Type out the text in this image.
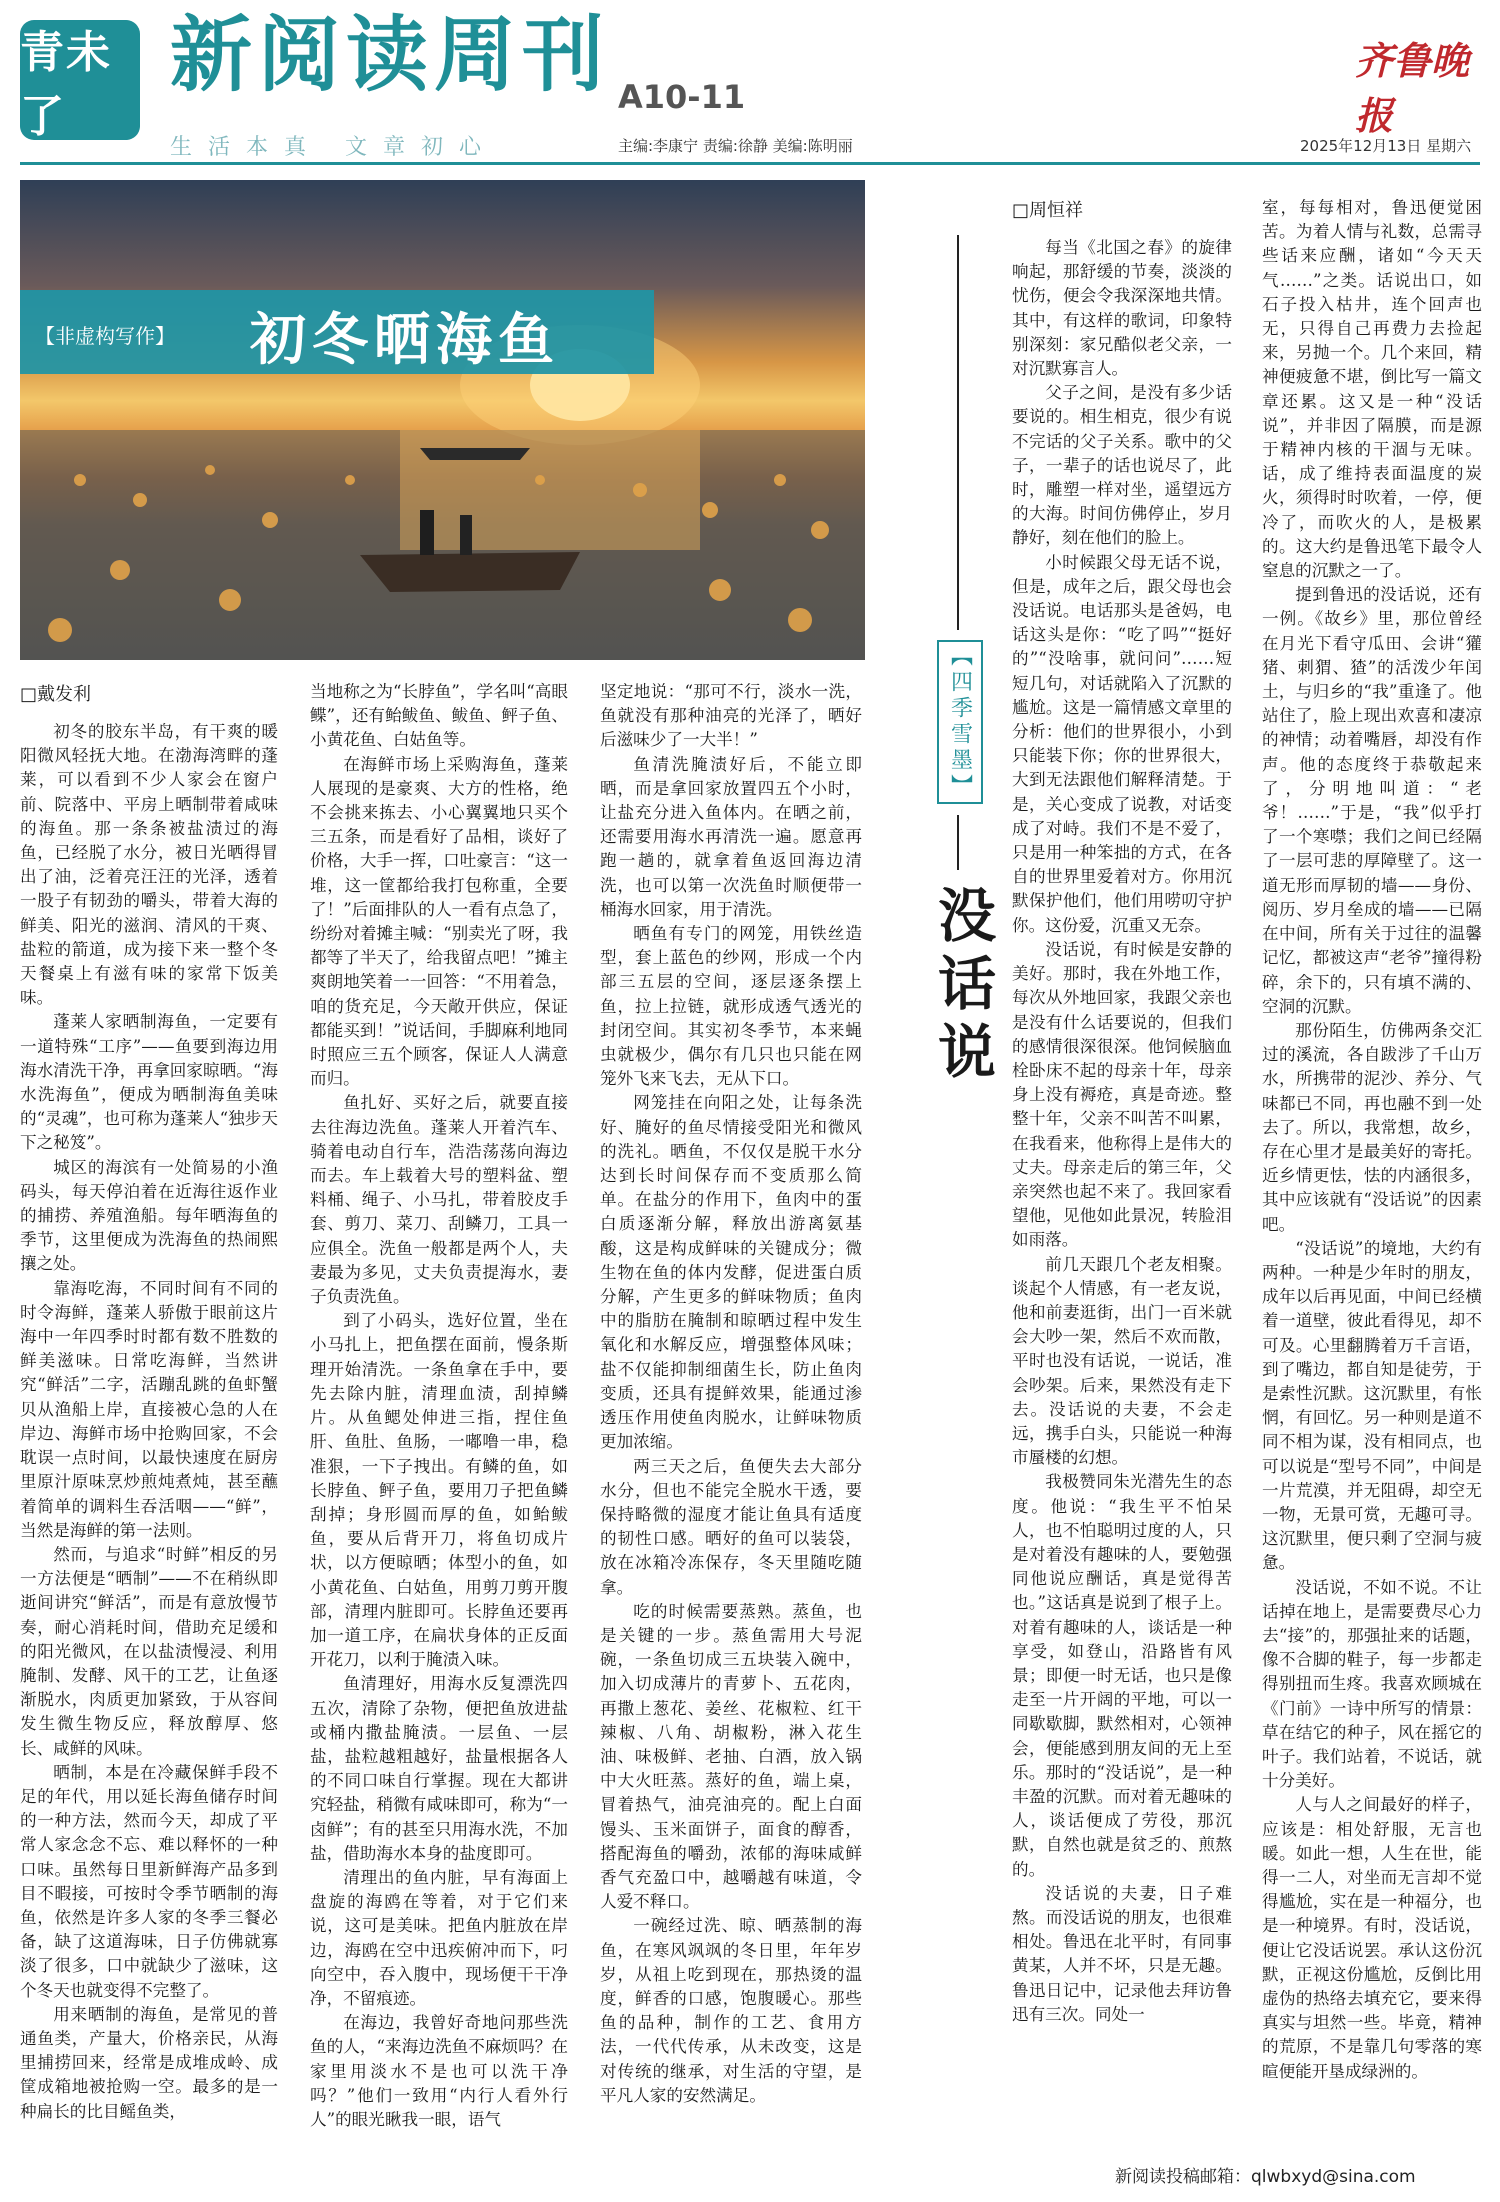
青未了
新阅读周刊 A10-11
生活本真 文章初心	主编:李康宁 责编:徐静 美编:陈明丽
齐鲁晚报
2025年12月13日 星期六
【非虚构写作】 初冬晒海鱼
□戴发利

初冬的胶东半岛，有干爽的暖阳微风轻抚大地。在渤海湾畔的蓬莱，可以看到不少人家会在窗户前、院落中、平房上晒制带着咸味的海鱼。那一条条被盐渍过的海鱼，已经脱了水分，被日光晒得冒出了油，泛着亮汪汪的光泽，透着一股子有韧劲的嚼头，带着大海的鲜美、阳光的滋润、清风的干爽、盐粒的箭道，成为接下来一整个冬天餐桌上有滋有味的家常下饭美味。

蓬莱人家晒制海鱼，一定要有一道特殊“工序”——鱼要到海边用海水清洗干净，再拿回家晾晒。“海水洗海鱼”，便成为晒制海鱼美味的“灵魂”，也可称为蓬莱人“独步天下之秘笈”。

城区的海滨有一处简易的小渔码头，每天停泊着在近海往返作业的捕捞、养殖渔船。每年晒海鱼的季节，这里便成为洗海鱼的热闹熙攘之处。

靠海吃海，不同时间有不同的时令海鲜，蓬莱人骄傲于眼前这片海中一年四季时时都有数不胜数的鲜美滋味。日常吃海鲜，当然讲究“鲜活”二字，活蹦乱跳的鱼虾蟹贝从渔船上岸，直接被心急的人在岸边、海鲜市场中抢购回家，不会耽误一点时间，以最快速度在厨房里原汁原味烹炒煎炖煮炖，甚至蘸着简单的调料生吞活咽——“鲜”，当然是海鲜的第一法则。

然而，与追求“时鲜”相反的另一方法便是“晒制”——不在稍纵即逝间讲究“鲜活”，而是有意放慢节奏，耐心消耗时间，借助充足缓和的阳光微风，在以盐渍慢浸、利用腌制、发酵、风干的工艺，让鱼逐渐脱水，肉质更加紧致，于从容间发生微生物反应，释放醇厚、悠长、咸鲜的风味。

晒制，本是在冷藏保鲜手段不足的年代，用以延长海鱼储存时间的一种方法，然而今天，却成了平常人家念念不忘、难以释怀的一种口味。虽然每日里新鲜海产品多到目不暇接，可按时令季节晒制的海鱼，依然是许多人家的冬季三餐必备，缺了这道海味，日子仿佛就寡淡了很多，口中就缺少了滋味，这个冬天也就变得不完整了。

用来晒制的海鱼，是常见的普通鱼类，产量大，价格亲民，从海里捕捞回来，经常是成堆成岭、成筐成箱地被抢购一空。最多的是一种扁长的比目鳐鱼类，

当地称之为“长脖鱼”，学名叫“高眼鲽”，还有鲐鲅鱼、鲅鱼、鲆子鱼、小黄花鱼、白姑鱼等。

在海鲜市场上采购海鱼，蓬莱人展现的是豪爽、大方的性格，绝不会挑来拣去、小心翼翼地只买个三五条，而是看好了品相，谈好了价格，大手一挥，口吐豪言：“这一堆，这一筐都给我打包称重，全要了！”后面排队的人一看有点急了，纷纷对着摊主喊：“别卖光了呀，我都等了半天了，给我留点吧！”摊主爽朗地笑着一一回答：“不用着急，咱的货充足，今天敞开供应，保证都能买到！”说话间，手脚麻利地同时照应三五个顾客，保证人人满意而归。

鱼扎好、买好之后，就要直接去往海边洗鱼。蓬莱人开着汽车、骑着电动自行车，浩浩荡荡向海边而去。车上载着大号的塑料盆、塑料桶、绳子、小马扎，带着胶皮手套、剪刀、菜刀、刮鳞刀，工具一应俱全。洗鱼一般都是两个人，夫妻最为多见，丈夫负责提海水，妻子负责洗鱼。

到了小码头，选好位置，坐在小马扎上，把鱼摆在面前，慢条斯理开始清洗。一条鱼拿在手中，要先去除内脏，清理血渍，刮掉鳞片。从鱼鳃处伸进三指，捏住鱼肝、鱼肚、鱼肠，一嘟噜一串，稳准狠，一下子拽出。有鳞的鱼，如长脖鱼、鲆子鱼，要用刀子把鱼鳞刮掉；身形圆而厚的鱼，如鲐鲅鱼，要从后背开刀，将鱼切成片状，以方便晾晒；体型小的鱼，如小黄花鱼、白姑鱼，用剪刀剪开腹部，清理内脏即可。长脖鱼还要再加一道工序，在扁状身体的正反面开花刀，以利于腌渍入味。

鱼清理好，用海水反复漂洗四五次，清除了杂物，便把鱼放进盐或桶内撒盐腌渍。一层鱼、一层盐，盐粒越粗越好，盐量根据各人的不同口味自行掌握。现在大都讲究轻盐，稍微有咸味即可，称为“一卤鲜”；有的甚至只用海水洗，不加盐，借助海水本身的盐度即可。

清理出的鱼内脏，早有海面上盘旋的海鸥在等着，对于它们来说，这可是美味。把鱼内脏放在岸边，海鸥在空中迅疾俯冲而下，叼向空中，吞入腹中，现场便干干净净，不留痕迹。

在海边，我曾好奇地问那些洗鱼的人，“来海边洗鱼不麻烦吗？在家里用淡水不是也可以洗干净吗？”他们一致用“内行人看外行人”的眼光瞅我一眼，语气

坚定地说：“那可不行，淡水一洗，鱼就没有那种油亮的光泽了，晒好后滋味少了一大半！”

鱼清洗腌渍好后，不能立即晒，而是拿回家放置四五个小时，让盐充分进入鱼体内。在晒之前，还需要用海水再清洗一遍。愿意再跑一趟的，就拿着鱼返回海边清洗，也可以第一次洗鱼时顺便带一桶海水回家，用于清洗。

晒鱼有专门的网笼，用铁丝造型，套上蓝色的纱网，形成一个内部三五层的空间，逐层逐条摆上鱼，拉上拉链，就形成透气透光的封闭空间。其实初冬季节，本来蝇虫就极少，偶尔有几只也只能在网笼外飞来飞去，无从下口。

网笼挂在向阳之处，让每条洗好、腌好的鱼尽情接受阳光和微风的洗礼。晒鱼，不仅仅是脱干水分达到长时间保存而不变质那么简单。在盐分的作用下，鱼肉中的蛋白质逐渐分解，释放出游离氨基酸，这是构成鲜味的关键成分；微生物在鱼的体内发酵，促进蛋白质分解，产生更多的鲜味物质；鱼肉中的脂肪在腌制和晾晒过程中发生氧化和水解反应，增强整体风味；盐不仅能抑制细菌生长，防止鱼肉变质，还具有提鲜效果，能通过渗透压作用使鱼肉脱水，让鲜味物质更加浓缩。

两三天之后，鱼便失去大部分水分，但也不能完全脱水干透，要保持略微的湿度才能让鱼具有适度的韧性口感。晒好的鱼可以装袋，放在冰箱冷冻保存，冬天里随吃随拿。

吃的时候需要蒸熟。蒸鱼，也是关键的一步。蒸鱼需用大号泥碗，一条鱼切成三五块装入碗中，加入切成薄片的青萝卜、五花肉，再撒上葱花、姜丝、花椒粒、红干辣椒、八角、胡椒粉，淋入花生油、味极鲜、老抽、白酒，放入锅中大火旺蒸。蒸好的鱼，端上桌，冒着热气，油亮油亮的。配上白面馒头、玉米面饼子，面食的醇香，搭配海鱼的嚼劲，浓郁的海味咸鲜香气充盈口中，越嚼越有味道，令人爱不释口。

一碗经过洗、晾、晒蒸制的海鱼，在寒风飒飒的冬日里，年年岁岁，从祖上吃到现在，那热烫的温度，鲜香的口感，饱腹暖心。那些鱼的品种，制作的工艺、食用方法，一代代传承，从未改变，这是对传统的继承，对生活的守望，是平凡人家的安然满足。

【四季雪墨】
没话说
□周恒祥

每当《北国之春》的旋律响起，那舒缓的节奏，淡淡的忧伤，便会令我深深地共情。其中，有这样的歌词，印象特别深刻：家兄酷似老父亲，一对沉默寡言人。

父子之间，是没有多少话要说的。相生相克，很少有说不完话的父子关系。歌中的父子，一辈子的话也说尽了，此时，雕塑一样对坐，遥望远方的大海。时间仿佛停止，岁月静好，刻在他们的脸上。

小时候跟父母无话不说，但是，成年之后，跟父母也会没话说。电话那头是爸妈，电话这头是你：“吃了吗”“挺好的”“没啥事，就问问”……短短几句，对话就陷入了沉默的尴尬。这是一篇情感文章里的分析：他们的世界很小，小到只能装下你；你的世界很大，大到无法跟他们解释清楚。于是，关心变成了说教，对话变成了对峙。我们不是不爱了，只是用一种笨拙的方式，在各自的世界里爱着对方。你用沉默保护他们，他们用唠叨守护你。这份爱，沉重又无奈。

没话说，有时候是安静的美好。那时，我在外地工作，每次从外地回家，我跟父亲也是没有什么话要说的，但我们的感情很深很深。他饲候脑血栓卧床不起的母亲十年，母亲身上没有褥疮，真是奇迹。整整十年，父亲不叫苦不叫累，在我看来，他称得上是伟大的丈夫。母亲走后的第三年，父亲突然也起不来了。我回家看望他，见他如此景况，转脸泪如雨落。

前几天跟几个老友相聚。谈起个人情感，有一老友说，他和前妻逛街，出门一百米就会大吵一架，然后不欢而散，平时也没有话说，一说话，准会吵架。后来，果然没有走下去。没话说的夫妻，不会走远，携手白头，只能说一种海市蜃楼的幻想。

我极赞同朱光潜先生的态度。他说：“我生平不怕呆人，也不怕聪明过度的人，只是对着没有趣味的人，要勉强同他说应酬话，真是觉得苦也。”这话真是说到了根子上。对着有趣味的人，谈话是一种享受，如登山，沿路皆有风景；即便一时无话，也只是像走至一片开阔的平地，可以一同歇歇脚，默然相对，心领神会，便能感到朋友间的无上至乐。那时的“没话说”，是一种丰盈的沉默。而对着无趣味的人，谈话便成了劳役，那沉默，自然也就是贫乏的、煎熬的。

没话说的夫妻，日子难熬。而没话说的朋友，也很难相处。鲁迅在北平时，有同事黄某，人并不坏，只是无趣。鲁迅日记中，记录他去拜访鲁迅有三次。同处一

室，每每相对，鲁迅便觉困苦。为着人情与礼数，总需寻些话来应酬，诸如“今天天气……”之类。话说出口，如石子投入枯井，连个回声也无，只得自己再费力去捡起来，另抛一个。几个来回，精神便疲惫不堪，倒比写一篇文章还累。这又是一种“没话说”，并非因了隔膜，而是源于精神内核的干涸与无味。话，成了维持表面温度的炭火，须得时时吹着，一停，便冷了，而吹火的人，是极累的。这大约是鲁迅笔下最令人窒息的沉默之一了。

提到鲁迅的没话说，还有一例。《故乡》里，那位曾经在月光下看守瓜田、会讲“獾猪、刺猬、猹”的活泼少年闰土，与归乡的“我”重逢了。他站住了，脸上现出欢喜和凄凉的神情；动着嘴唇，却没有作声。他的态度终于恭敬起来了，分明地叫道：“老爷！……”于是，“我”似乎打了一个寒噤；我们之间已经隔了一层可悲的厚障壁了。这一道无形而厚韧的墙——身份、阅历、岁月垒成的墙——已隔在中间，所有关于过往的温馨记忆，都被这声“老爷”撞得粉碎，余下的，只有填不满的、空洞的沉默。

那份陌生，仿佛两条交汇过的溪流，各自跋涉了千山万水，所携带的泥沙、养分、气味都已不同，再也融不到一处去了。所以，我常想，故乡，存在心里才是最美好的寄托。近乡情更怯，怯的内涵很多，其中应该就有“没话说”的因素吧。

“没话说”的境地，大约有两种。一种是少年时的朋友，成年以后再见面，中间已经横着一道壁，彼此看得见，却不可及。心里翻腾着万千言语，到了嘴边，都自知是徒劳，于是索性沉默。这沉默里，有怅惘，有回忆。另一种则是道不同不相为谋，没有相同点，也可以说是“型号不同”，中间是一片荒漠，并无阻碍，却空无一物，无景可赏，无趣可寻。这沉默里，便只剩了空洞与疲惫。

没话说，不如不说。不让话掉在地上，是需要费尽心力去“接”的，那强扯来的话题，像不合脚的鞋子，每一步都走得别扭而生疼。我喜欢顾城在《门前》一诗中所写的情景：草在结它的种子，风在摇它的叶子。我们站着，不说话，就十分美好。

人与人之间最好的样子，应该是：相处舒服，无言也暖。如此一想，人生在世，能得一二人，对坐而无言却不觉得尴尬，实在是一种福分，也是一种境界。有时，没话说，便让它没话说罢。承认这份沉默，正视这份尴尬，反倒比用虚伪的热络去填充它，要来得真实与坦然一些。毕竟，精神的荒原，不是靠几句零落的寒暄便能开垦成绿洲的。

新阅读投稿邮箱：qlwbxyd@sina.com
